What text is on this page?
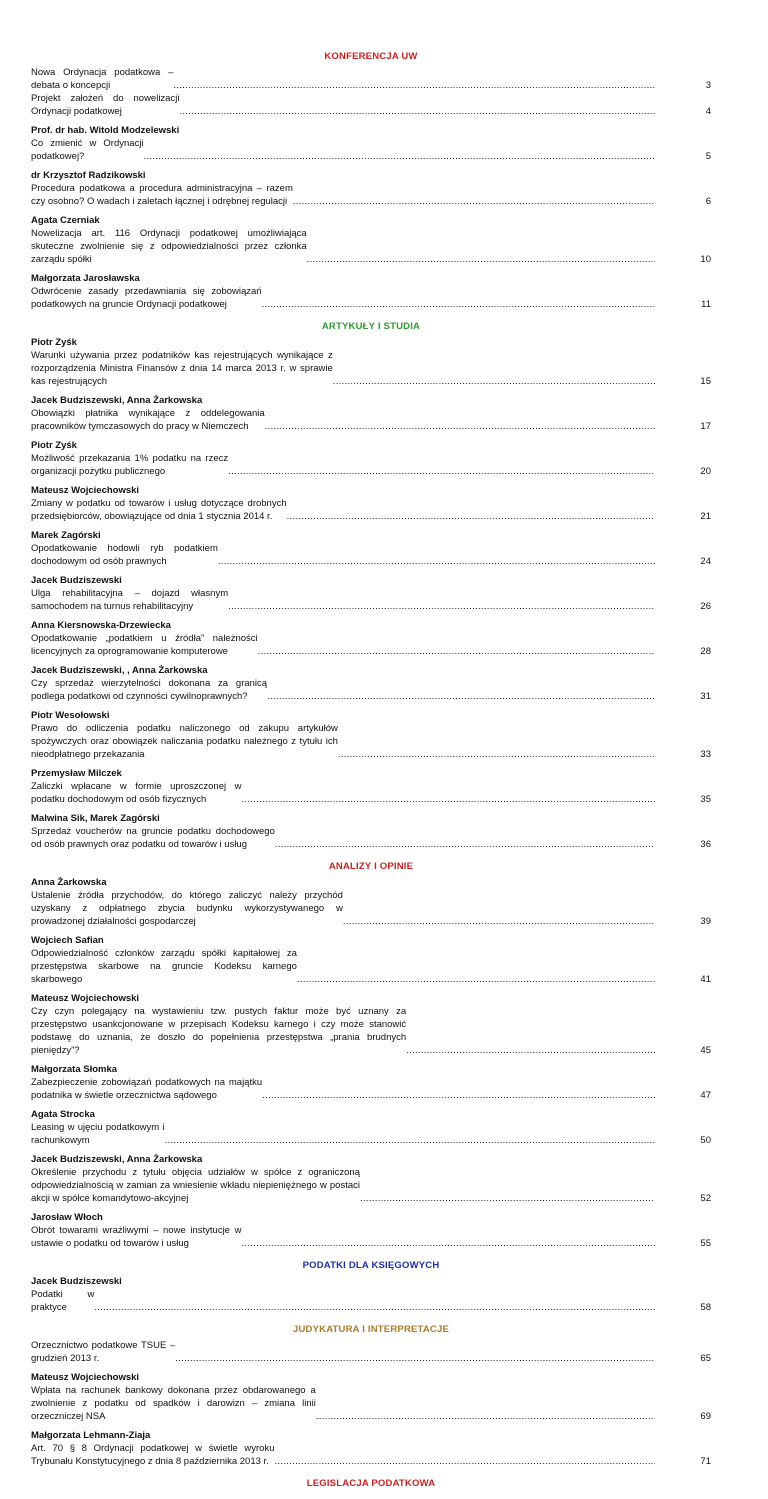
KONFERENCJA UW
Nowa Ordynacja podatkowa – debata o koncepcji .....	3
Projekt założeń do nowelizacji Ordynacji podatkowej .....	4
Prof. dr hab. Witold Modzelewski
Co zmienić w Ordynacji podatkowej? .....	5
dr Krzysztof Radzikowski
Procedura podatkowa a procedura administracyjna – razem czy osobno? O wadach i zaletach łącznej i odrębnej regulacji .....	6
Agata Czerniak
Nowelizacja art. 116 Ordynacji podatkowej umożliwiająca skuteczne zwolnienie się z odpowiedzialności przez członka zarządu spółki .....	10
Małgorzata Jarosławska
Odwrócenie zasady przedawniania się zobowiązań podatkowych na gruncie Ordynacji podatkowej .....	11
ARTYKUŁY I STUDIA
Piotr Zyśk
Warunki używania przez podatników kas rejestrujących wynikające z rozporządzenia Ministra Finansów z dnia 14 marca 2013 r. w sprawie kas rejestrujących .....	15
Jacek Budziszewski, Anna Żarkowska
Obowiązki płatnika wynikające z oddelegowania pracowników tymczasowych do pracy w Niemczech .....	17
Piotr Zyśk
Możliwość przekazania 1% podatku na rzecz organizacji pożytku publicznego .....	20
Mateusz Wojciechowski
Zmiany w podatku od towarów i usług dotyczące drobnych przedsiębiorców, obowiązujące od dnia 1 stycznia 2014 r. .....	21
Marek Zagórski
Opodatkowanie hodowli ryb podatkiem dochodowym od osób prawnych .....	24
Jacek Budziszewski
Ulga rehabilitacyjna – dojazd własnym samochodem na turnus rehabilitacyjny .....	26
Anna Kiersnowska-Drzewiecka
Opodatkowanie „podatkiem u źródła” należności licencyjnych za oprogramowanie komputerowe .....	28
Jacek Budziszewski, , Anna Żarkowska
Czy sprzedaż wierzytelności dokonana za granicą podlega podatkowi od czynności cywilnoprawnych? .....	31
Piotr Wesołowski
Prawo do odliczenia podatku naliczonego od zakupu artykułów spożywczych oraz obowiązek naliczania podatku należnego z tytułu ich nieodpłatnego przekazania .....	33
Przemysław Milczek
Zaliczki wpłacane w formie uproszczonej w podatku dochodowym od osób fizycznych .....	35
Malwina Sik, Marek Zagórski
Sprzedaż voucherów na gruncie podatku dochodowego od osób prawnych oraz podatku od towarów i usług .....	36
ANALIZY I OPINIE
Anna Żarkowska
Ustalenie źródła przychodów, do którego zaliczyć należy przychód uzyskany z odpłatnego zbycia budynku wykorzystywanego w prowadzonej działalności gospodarczej .....	39
Wojciech Safian
Odpowiedzialność członków zarządu spółki kapitałowej za przestępstwa skarbowe na gruncie Kodeksu karnego skarbowego .....	41
Mateusz Wojciechowski
Czy czyn polegający na wystawieniu tzw. pustych faktur może być uznany za przestępstwo usankcjonowane w przepisach Kodeksu karnego i czy może stanowić podstawę do uznania, że doszło do popełnienia przestępstwa „prania brudnych pieniędzy”? .....	45
Małgorzata Słomka
Zabezpieczenie zobowiązań podatkowych na majątku podatnika w świetle orzecznictwa sądowego .....	47
Agata Strocka
Leasing w ujęciu podatkowym i rachunkowym .....	50
Jacek Budziszewski, Anna Żarkowska
Określenie przychodu z tytułu objęcia udziałów w spółce z ograniczoną odpowiedzialnością w zamian za wniesienie wkładu niepieniężnego w postaci akcji w spółce komandytowo-akcyjnej .....	52
Jarosław Włoch
Obrót towarami wrażliwymi – nowe instytucje w ustawie o podatku od towarów i usług .....	55
PODATKI DLA KSIĘGOWYCH
Jacek Budziszewski
Podatki w praktyce .....	58
JUDYKATURA I INTERPRETACJE
Orzecznictwo podatkowe TSUE – grudzień 2013 r. .....	65
Mateusz Wojciechowski
Wpłata na rachunek bankowy dokonana przez obdarowanego a zwolnienie z podatku od spadków i darowizn – zmiana linii orzeczniczej NSA .....	69
Małgorzata Lehmann-Ziaja
Art. 70 § 8 Ordynacji podatkowej w świetle wyroku Trybunału Konstytucyjnego z dnia 8 października 2013 r. .....	71
LEGISLACJA PODATKOWA
